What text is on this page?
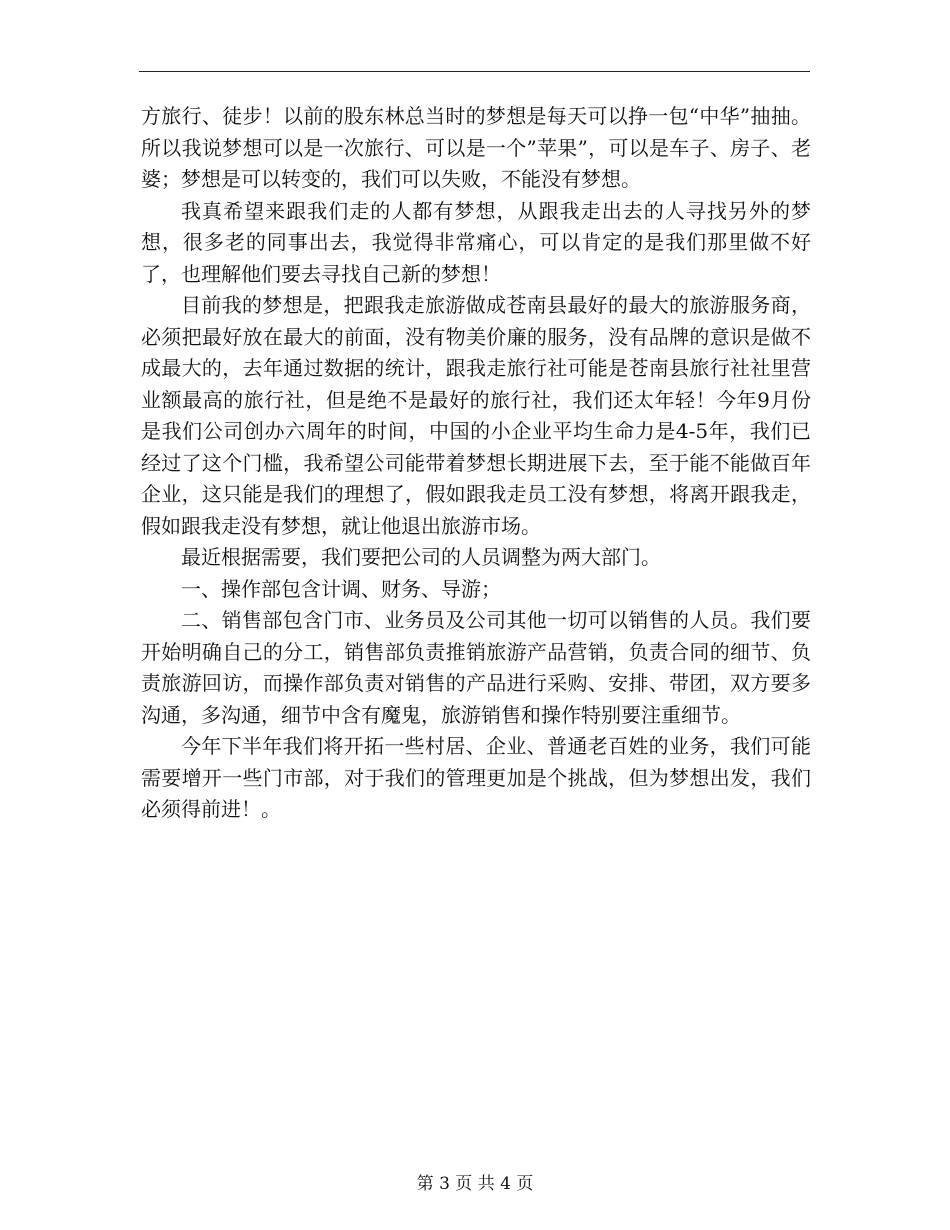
方旅行、徒步！以前的股东林总当时的梦想是每天可以挣一包“中华”抽抽。所以我说梦想可以是一次旅行、可以是一个”苹果”，可以是车子、房子、老婆；梦想是可以转变的，我们可以失败，不能没有梦想。

我真希望来跟我们走的人都有梦想，从跟我走出去的人寻找另外的梦想，很多老的同事出去，我觉得非常痛心，可以肯定的是我们那里做不好了，也理解他们要去寻找自己新的梦想！

目前我的梦想是，把跟我走旅游做成苍南县最好的最大的旅游服务商，必须把最好放在最大的前面，没有物美价廉的服务，没有品牌的意识是做不成最大的，去年通过数据的统计，跟我走旅行社可能是苍南县旅行社社里营业额最高的旅行社，但是绝不是最好的旅行社，我们还太年轻！今年9月份是我们公司创办六周年的时间，中国的小企业平均生命力是4-5年，我们已经过了这个门槛，我希望公司能带着梦想长期进展下去，至于能不能做百年企业，这只能是我们的理想了，假如跟我走员工没有梦想，将离开跟我走，假如跟我走没有梦想，就让他退出旅游市场。

最近根据需要，我们要把公司的人员调整为两大部门。

一、操作部包含计调、财务、导游；

二、销售部包含门市、业务员及公司其他一切可以销售的人员。我们要开始明确自己的分工，销售部负责推销旅游产品营销，负责合同的细节、负责旅游回访，而操作部负责对销售的产品进行采购、安排、带团，双方要多沟通，多沟通，细节中含有魔鬼，旅游销售和操作特别要注重细节。

今年下半年我们将开拓一些村居、企业、普通老百姓的业务，我们可能需要增开一些门市部，对于我们的管理更加是个挑战，但为梦想出发，我们必须得前进！。

第 3 页 共 4 页
